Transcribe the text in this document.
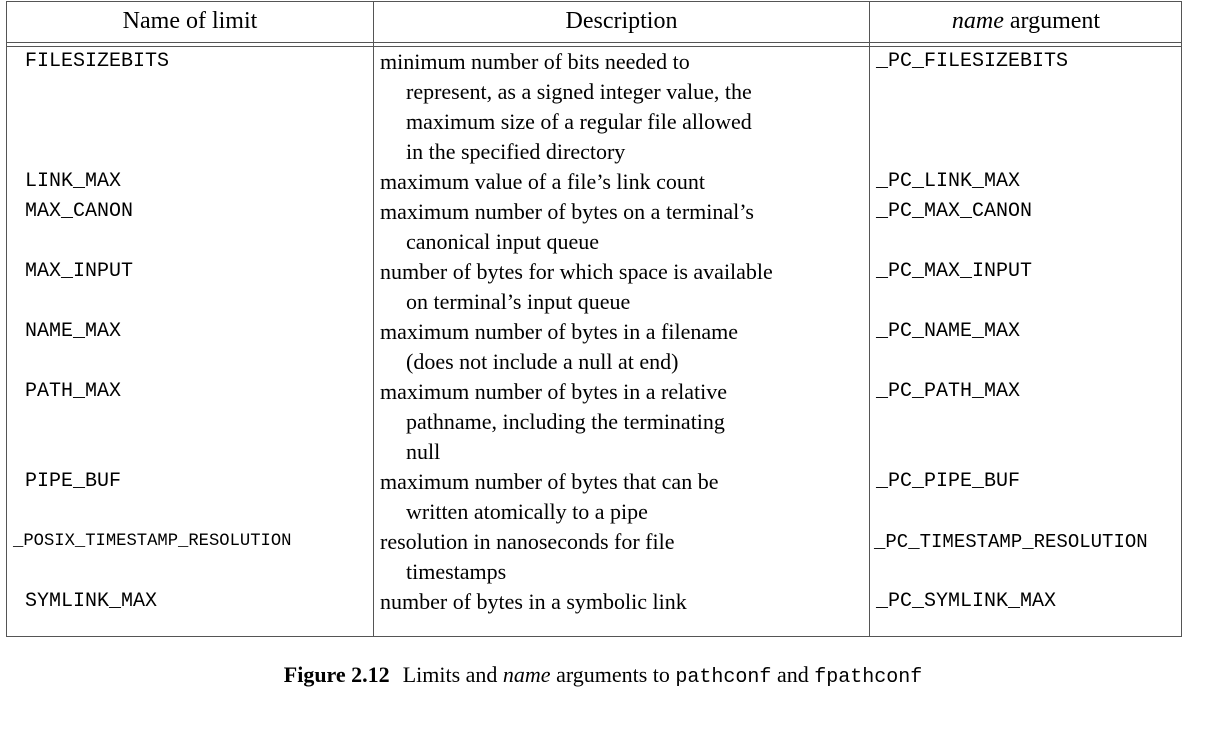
Name of limit	Description	name argument
FILESIZEBITS
LINK_MAX
MAX_CANON
MAX_INPUT
NAME_MAX
PATH_MAX
PIPE_BUF
_POSIX_TIMESTAMP_RESOLUTION
SYMLINK_MAX
minimum number of bits needed to
represent, as a signed integer value, the
maximum size of a regular file allowed
in the specified directory
maximum value of a file’s link count
maximum number of bytes on a terminal’s
canonical input queue
number of bytes for which space is available
on terminal’s input queue
maximum number of bytes in a filename
(does not include a null at end)
maximum number of bytes in a relative
pathname, including the terminating
null
maximum number of bytes that can be
written atomically to a pipe
resolution in nanoseconds for file
timestamps
number of bytes in a symbolic link
_PC_FILESIZEBITS
_PC_LINK_MAX
_PC_MAX_CANON
_PC_MAX_INPUT
_PC_NAME_MAX
_PC_PATH_MAX
_PC_PIPE_BUF
_PC_TIMESTAMP_RESOLUTION
_PC_SYMLINK_MAX
Figure 2.12 Limits and name arguments to pathconf and fpathconf
